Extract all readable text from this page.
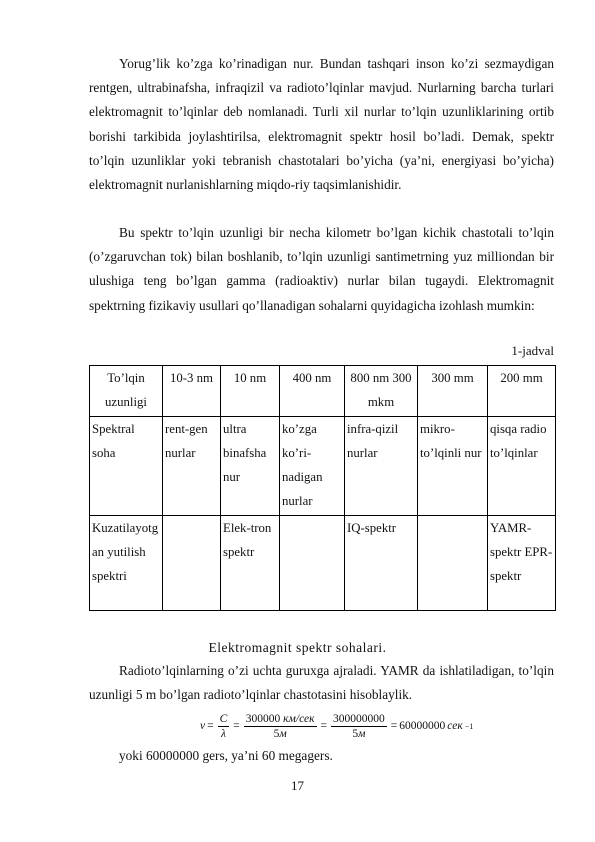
Yorug’lik ko’zga ko’rinadigan nur. Bundan tashqari inson ko’zi sezmaydigan rentgen, ultrabinafsha, infraqizil va radioto’lqinlar mavjud. Nurlarning barcha turlari elektromagnit to’lqinlar deb nomlanadi. Turli xil nurlar to’lqin uzunliklarining ortib borishi tarkibida joylashtirilsa, elektromagnit spektr hosil bo’ladi. Demak, spektr to’lqin uzunliklar yoki tebranish chastotalari bo’yicha (ya’ni, energiyasi bo’yicha) elektromagnit nurlanishlarning miqdo-riy taqsimlanishidir.

Bu spektr to’lqin uzunligi bir necha kilometr bo’lgan kichik chastotali to’lqin (o’zgaruvchan tok) bilan boshlanib, to’lqin uzunligi santimetrning yuz milliondan bir ulushiga teng bo’lgan gamma (radioaktiv) nurlar bilan tugaydi. Elektromagnit spektrning fizikaviy usullari qo’llanadigan sohalarni quyidagicha izohlash mumkin:

1-jadval
To’lqin uzunligi	10-3 nm	10 nm	400 nm	800 nm 300 mkm	300 mm	200 mm
Spektral soha	rent-gen nurlar	ultra binafsha nur	ko’zga ko’ri-nadigan nurlar	infra-qizil nurlar	mikro-to’lqinli nur	qisqa radio to’lqinlar
Kuzatilayotgan yutilish spektri		Elek-tron spektr		IQ-spektr		YAMR-spektr EPR-spektr
Elektromagnit spektr sohalari.

Radioto’lqinlarning o’zi uchta guruxga ajraladi. YAMR da ishlatiladigan, to’lqin uzunligi 5 m bo’lgan radioto’lqinlar chastotasini hisoblaylik.

$\nu = \frac{C}{\lambda} = \frac{\text{300000 км/сек}}{5м} = \frac{300000000}{5м} = 60000000$ сек −1

yoki 60000000 gers, ya’ni 60 megagers.

17
